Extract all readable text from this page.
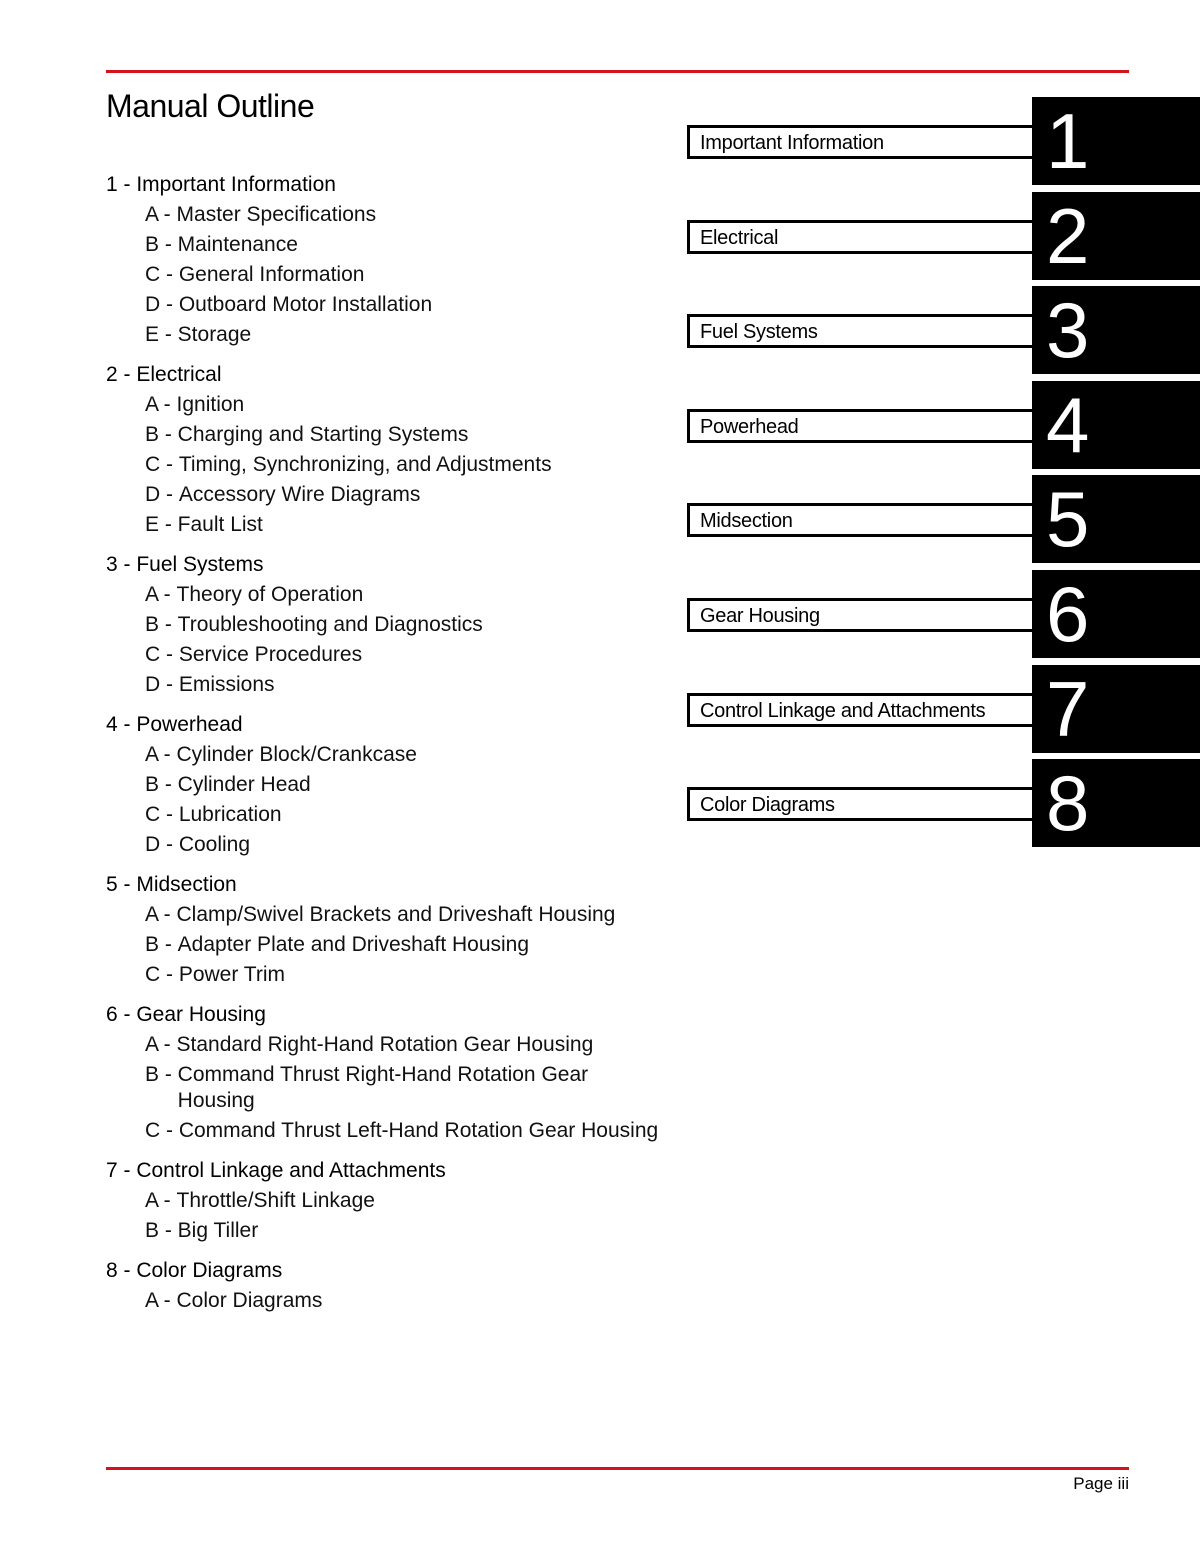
Manual Outline
1 - Important Information
A - Master Specifications
B - Maintenance
C - General Information
D - Outboard Motor Installation
E - Storage
2 - Electrical
A - Ignition
B - Charging and Starting Systems
C - Timing, Synchronizing, and Adjustments
D - Accessory Wire Diagrams
E - Fault List
3 - Fuel Systems
A - Theory of Operation
B - Troubleshooting and Diagnostics
C - Service Procedures
D - Emissions
4 - Powerhead
A - Cylinder Block/Crankcase
B - Cylinder Head
C - Lubrication
D - Cooling
5 - Midsection
A - Clamp/Swivel Brackets and Driveshaft Housing
B - Adapter Plate and Driveshaft Housing
C - Power Trim
6 - Gear Housing
A - Standard Right-Hand Rotation Gear Housing
B - Command Thrust Right-Hand Rotation Gear Housing
C - Command Thrust Left-Hand Rotation Gear Housing
7 - Control Linkage and Attachments
A - Throttle/Shift Linkage
B - Big Tiller
8 - Color Diagrams
A - Color Diagrams
Important Information	1
Electrical	2
Fuel Systems	3
Powerhead	4
Midsection	5
Gear Housing	6
Control Linkage and Attachments 7
Color Diagrams	8
Page iii
